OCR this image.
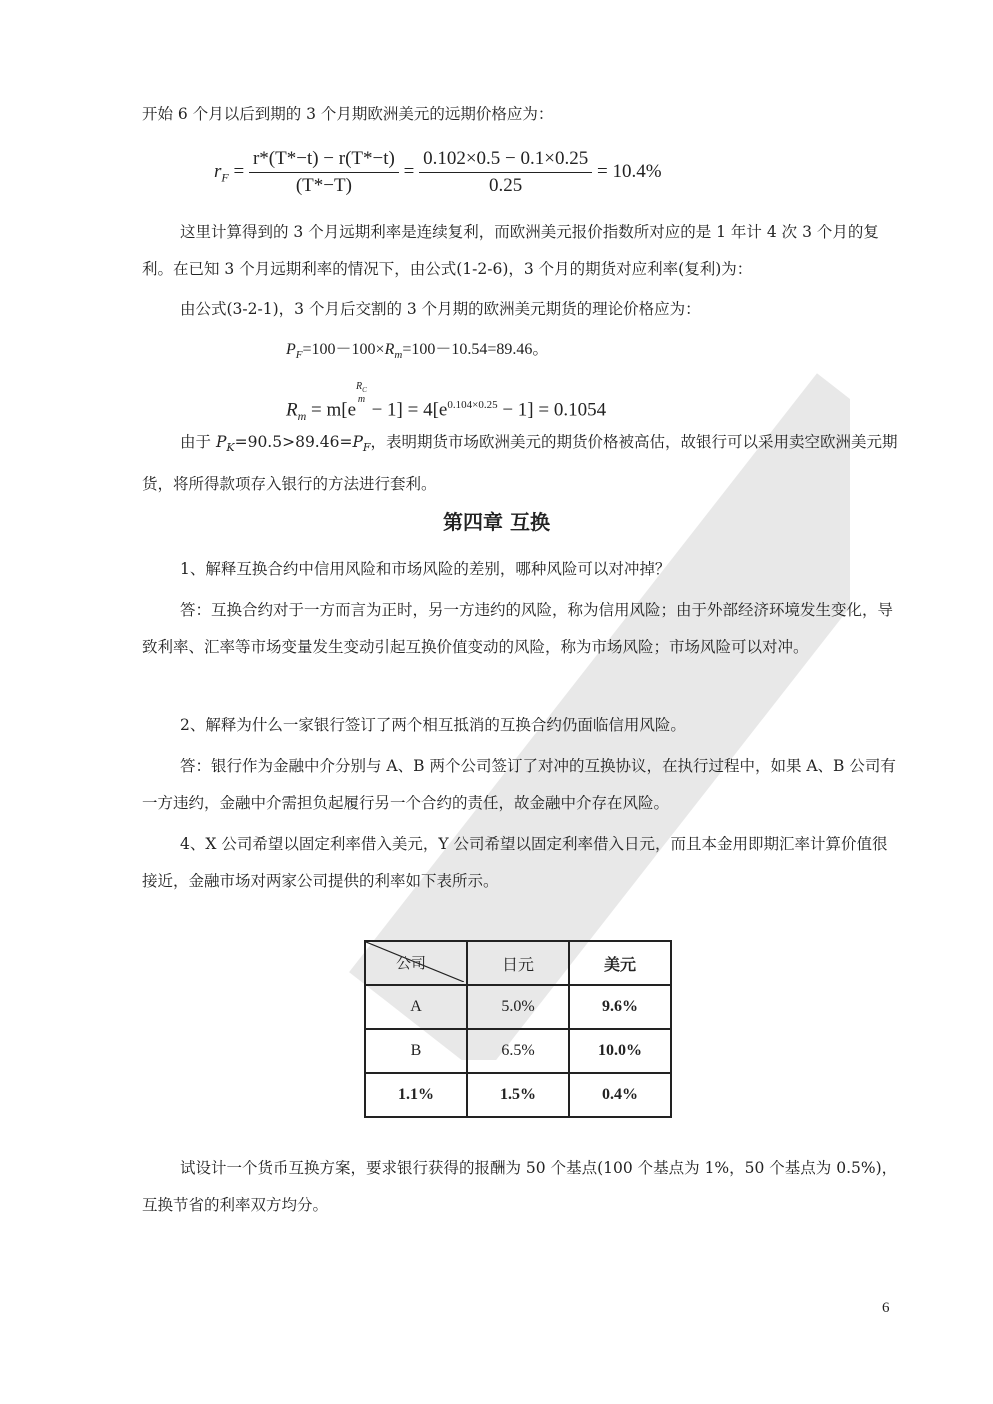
开始 6 个月以后到期的 3 个月期欧洲美元的远期价格应为：

$r_F = \frac{r*(T*-t) - r(T*-t)}{(T*-T)} = \frac{0.102\times 0.5 - 0.1\times 0.25}{0.25} = 10.4\%$

这里计算得到的 3 个月远期利率是连续复利，而欧洲美元报价指数所对应的是 1 年计 4 次 3 个月的复利。在已知 3 个月远期利率的情况下，由公式(1-2-6)，3 个月的期货对应利率(复利)为：

由公式(3-2-1)，3 个月后交割的 3 个月期的欧洲美元期货的理论价格应为：

$P_F=100-100\times R_m=100-10.54=89.46$。
$R_m = m[e^{R_C m} - 1] = 4[e^{0.104\times 0.25} - 1] = 0.1054$

由于 $P_K=90.5>89.46=P_F$，表明期货市场欧洲美元的期货价格被高估，故银行可以采用卖空欧洲美元期货，将所得款项存入银行的方法进行套利。

第四章 互换

1、解释互换合约中信用风险和市场风险的差别，哪种风险可以对冲掉？

答：互换合约对于一方而言为正时，另一方违约的风险，称为信用风险；由于外部经济环境发生变化，导致利率、汇率等市场变量发生变动引起互换价值变动的风险，称为市场风险；市场风险可以对冲。

2、解释为什么一家银行签订了两个相互抵消的互换合约仍面临信用风险。

答：银行作为金融中介分别与 A、B 两个公司签订了对冲的互换协议，在执行过程中，如果 A、B 公司有一方违约，金融中介需担负起履行另一个合约的责任，故金融中介存在风险。

4、X 公司希望以固定利率借入美元，Y 公司希望以固定利率借入日元，而且本金用即期汇率计算价值很接近，金融市场对两家公司提供的利率如下表所示。

公司	日元	美元
A	5.0%	9.6%
B	6.5%	10.0%
1.1%	1.5%	0.4%

试设计一个货币互换方案，要求银行获得的报酬为 50 个基点(100 个基点为 1%，50 个基点为 0.5%)，互换节省的利率双方均分。

6
